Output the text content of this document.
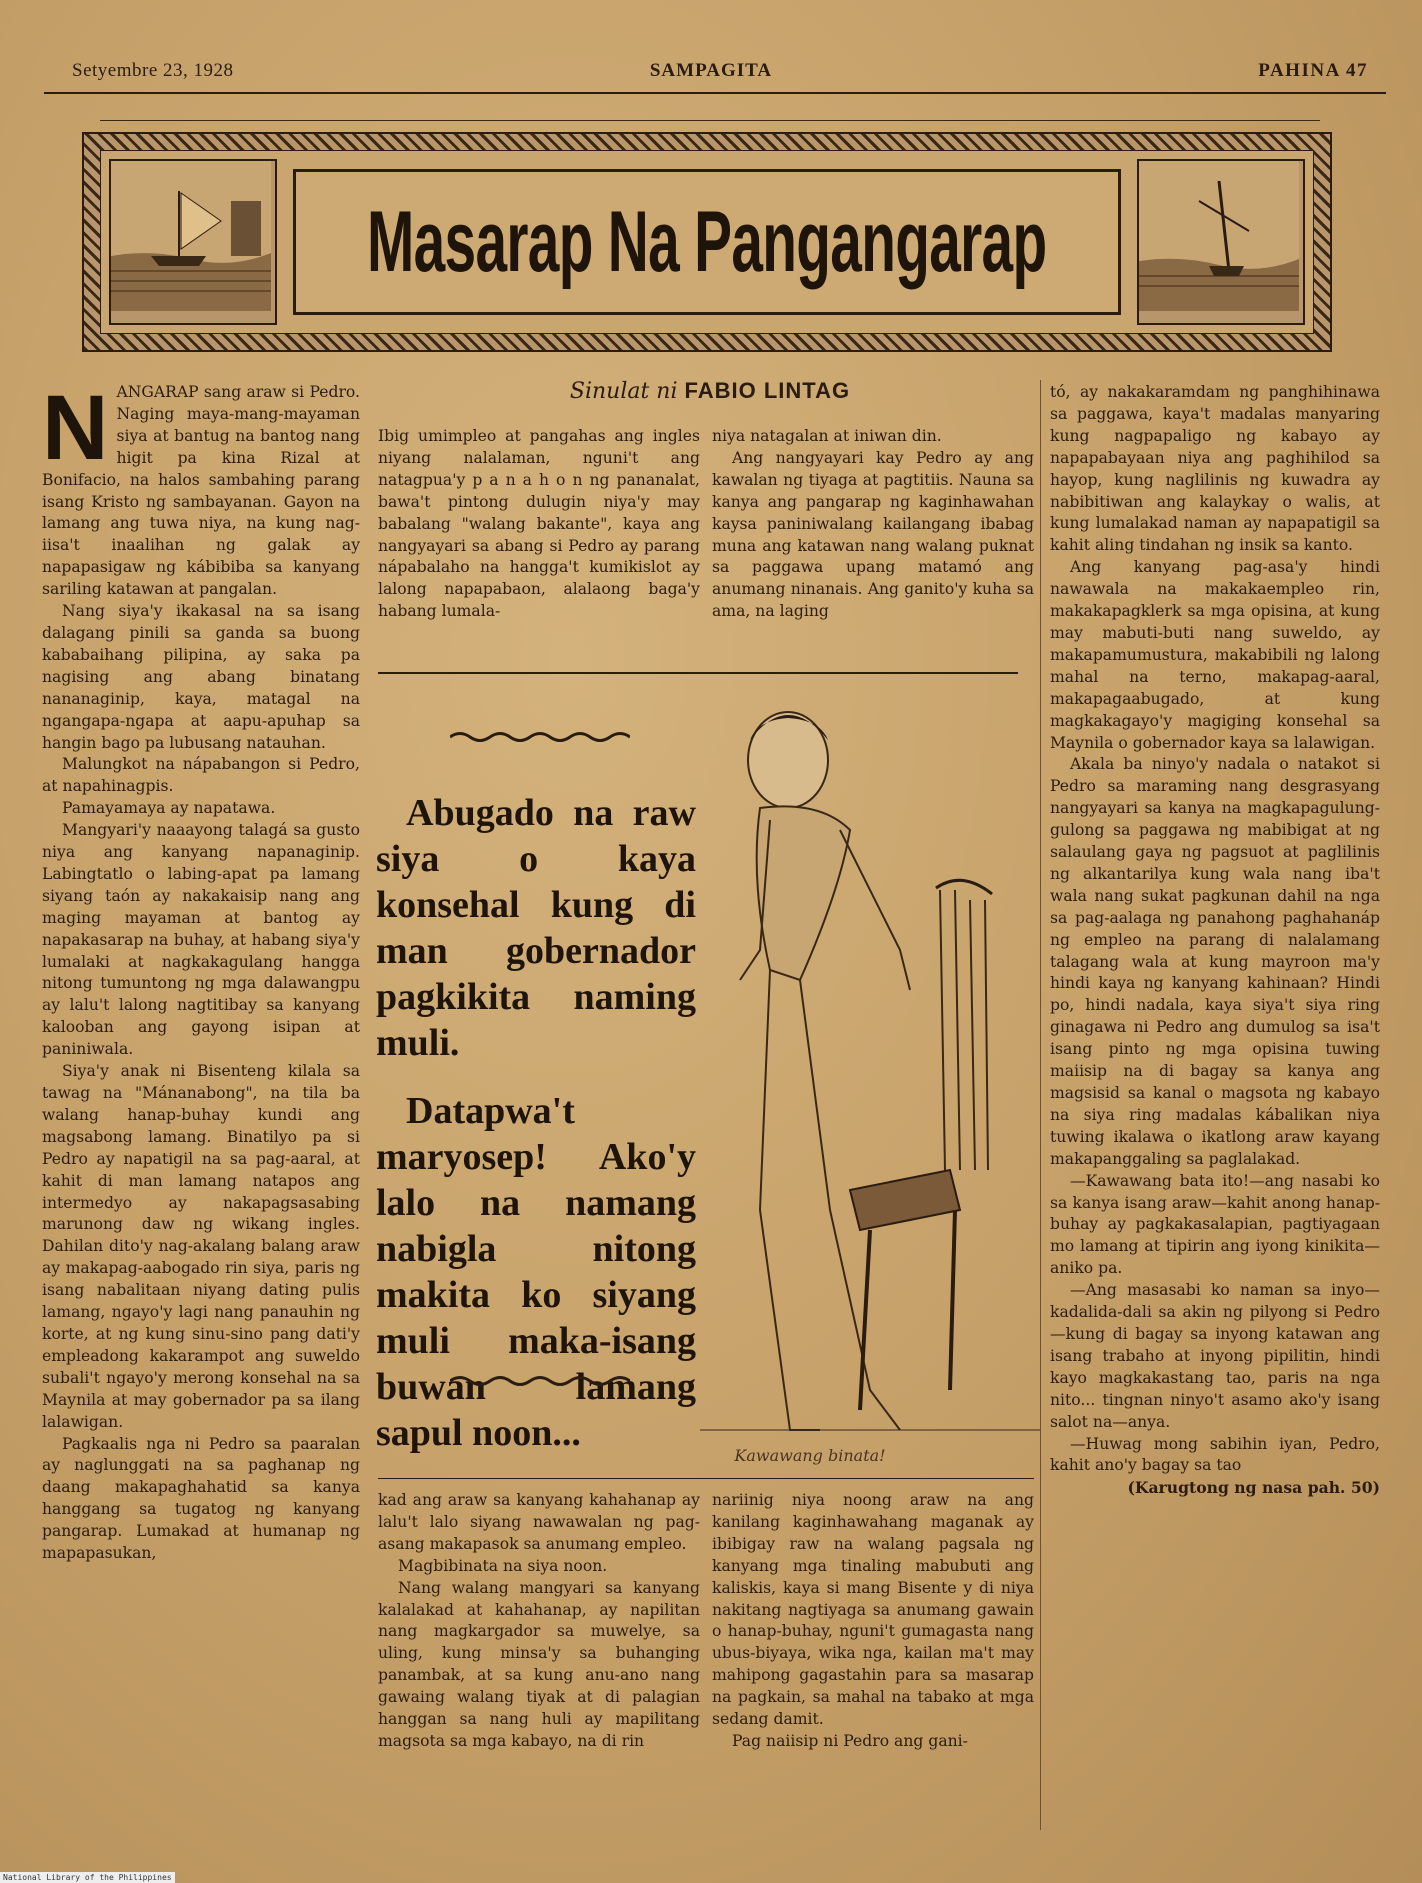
Setyembre 23, 1928	SAMPAGITA	PAHINA 47
Masarap Na Pangangarap
Sinulat ni FABIO LINTAG

NANGARAP sang araw si Pedro. Naging maya-mang-mayaman siya at bantug na bantog nang higit pa kina Rizal at Bonifacio, na halos sambahing parang isang Kristo ng sambayanan. Gayon na lamang ang tuwa niya, na kung nag-iisa't inaalihan ng galak ay napapasigaw ng kábibiba sa kanyang sariling katawan at pangalan.

Nang siya'y ikakasal na sa isang dalagang pinili sa ganda sa buong kababaihang pilipina, ay saka pa nagising ang abang binatang nananaginip, kaya, matagal na ngangapa-ngapa at aapu-apuhap sa hangin bago pa lubusang natauhan.

Malungkot na nápabangon si Pedro, at napahinagpis.

Pamayamaya ay napatawa.

Mangyari'y naaayong talagá sa gusto niya ang kanyang napanaginip. Labingtatlo o labing-apat pa lamang siyang taón ay nakakaisip nang ang maging mayaman at bantog ay napakasarap na buhay, at habang siya'y lumalaki at nagkakagulang hangga nitong tumuntong ng mga dalawangpu ay lalu't lalong nagtitibay sa kanyang kalooban ang gayong isipan at paniniwala.

Siya'y anak ni Bisenteng kilala sa tawag na "Mánanabong", na tila ba walang hanap-buhay kundi ang magsabong lamang. Binatilyo pa si Pedro ay napatigil na sa pag-aaral, at kahit di man lamang natapos ang intermedyo ay nakapagsasabing marunong daw ng wikang ingles. Dahilan dito'y nag-akalang balang araw ay makapag-aabogado rin siya, paris ng isang nabalitaan niyang dating pulis lamang, ngayo'y lagi nang panauhin ng korte, at ng kung sinu-sino pang dati'y empleadong kakarampot ang suweldo subali't ngayo'y merong konsehal na sa Maynila at may gobernador pa sa ilang lalawigan.

Pagkaalis nga ni Pedro sa paaralan ay naglunggati na sa paghanap ng daang makapaghahatid sa kanya hanggang sa tugatog ng kanyang pangarap. Lumakad at humanap ng mapapasukan,

Ibig umimpleo at pangahas ang ingles niyang nalalaman, nguni't ang natagpua'y p a n a h o n ng pananalat, bawa't pintong dulugin niya'y may babalang "walang bakante", kaya ang nangyayari sa abang si Pedro ay parang nápabalaho na hangga't kumikislot ay lalong napapabaon, alalaong baga'y habang lumala-

niya natagalan at iniwan din.

Ang nangyayari kay Pedro ay ang kawalan ng tiyaga at pagtitiis. Nauna sa kanya ang pangarap ng kaginhawahan kaysa paniniwalang kailangang ibabag muna ang katawan nang walang puknat sa paggawa upang matamó ang anumang ninanais. Ang ganito'y kuha sa ama, na laging

Abugado na raw siya o kaya konsehal kung di man gobernador pagkikita naming muli.

Datapwa't maryosep! Ako'y lalo na namang nabigla nitong makita ko siyang muli maka-isang buwan lamang sapul noon...

Kawawang binata!

kad ang araw sa kanyang kahahanap ay lalu't lalo siyang nawawalan ng pag-asang makapasok sa anumang empleo.

Magbibinata na siya noon.

Nang walang mangyari sa kanyang kalalakad at kahahanap, ay napilitan nang magkargador sa muwelye, sa uling, kung minsa'y sa buhanging panambak, at sa kung anu-ano nang gawaing walang tiyak at di palagian hanggan sa nang huli ay mapilitang magsota sa mga kabayo, na di rin

nariinig niya noong araw na ang kanilang kaginhawahang maganak ay ibibigay raw na walang pagsala ng kanyang mga tinaling mabubuti ang kaliskis, kaya si mang Bisente y di niya nakitang nagtiyaga sa anumang gawain o hanap-buhay, nguni't gumagasta nang ubus-biyaya, wika nga, kailan ma't may mahipong gagastahin para sa masarap na pagkain, sa mahal na tabako at mga sedang damit.

Pag naiisip ni Pedro ang gani-

tó, ay nakakaramdam ng panghihinawa sa paggawa, kaya't madalas manyaring kung nagpapaligo ng kabayo ay napapabayaan niya ang paghihilod sa hayop, kung naglilinis ng kuwadra ay nabibitiwan ang kalaykay o walis, at kung lumalakad naman ay napapatigil sa kahit aling tindahan ng insik sa kanto.

Ang kanyang pag-asa'y hindi nawawala na makakaempleo rin, makakapagklerk sa mga opisina, at kung may mabuti-buti nang suweldo, ay makapamumustura, makabibili ng lalong mahal na terno, makapag-aaral, makapagaabugado, at kung magkakagayo'y magiging konsehal sa Maynila o gobernador kaya sa lalawigan.

Akala ba ninyo'y nadala o natakot si Pedro sa maraming nang desgrasyang nangyayari sa kanya na magkapagulung-gulong sa paggawa ng mabibigat at ng salaulang gaya ng pagsuot at paglilinis ng alkantarilya kung wala nang iba't wala nang sukat pagkunan dahil na nga sa pag-aalaga ng panahong paghahanáp ng empleo na parang di nalalamang talagang wala at kung mayroon ma'y hindi kaya ng kanyang kahinaan? Hindi po, hindi nadala, kaya siya't siya ring ginagawa ni Pedro ang dumulog sa isa't isang pinto ng mga opisina tuwing maiisip na di bagay sa kanya ang magsisid sa kanal o magsota ng kabayo na siya ring madalas kábalikan niya tuwing ikalawa o ikatlong araw kayang makapanggaling sa paglalakad.

—Kawawang bata ito!—ang nasabi ko sa kanya isang araw—kahit anong hanap-buhay ay pagkakasalapian, pagtiyagaan mo lamang at tipirin ang iyong kinikita—aniko pa.

—Ang masasabi ko naman sa inyo—kadalida-dali sa akin ng pilyong si Pedro—kung di bagay sa inyong katawan ang isang trabaho at inyong pipilitin, hindi kayo magkakastang tao, paris na nga nito... tingnan ninyo't asamo ako'y isang salot na—anya.

—Huwag mong sabihin iyan, Pedro, kahit ano'y bagay sa tao

(Karugtong ng nasa pah. 50)

National Library of the Philippines
